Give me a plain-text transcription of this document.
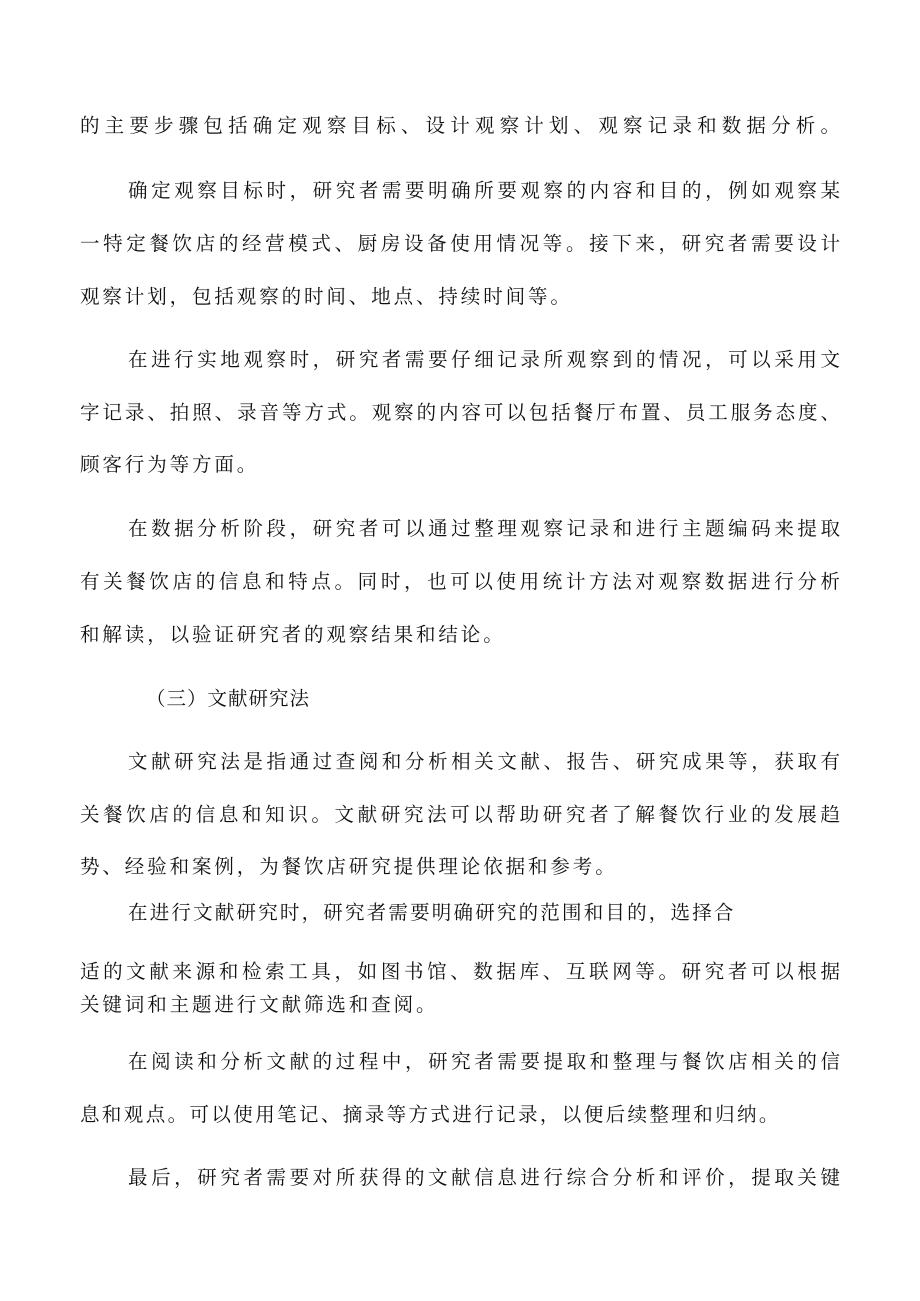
的主要步骤包括确定观察目标、设计观察计划、观察记录和数据分析。
确定观察目标时，研究者需要明确所要观察的内容和目的，例如观察某
一特定餐饮店的经营模式、厨房设备使用情况等。接下来，研究者需要设计
观察计划，包括观察的时间、地点、持续时间等。
在进行实地观察时，研究者需要仔细记录所观察到的情况，可以采用文
字记录、拍照、录音等方式。观察的内容可以包括餐厅布置、员工服务态度、
顾客行为等方面。
在数据分析阶段，研究者可以通过整理观察记录和进行主题编码来提取
有关餐饮店的信息和特点。同时，也可以使用统计方法对观察数据进行分析
和解读，以验证研究者的观察结果和结论。
（三）文献研究法
文献研究法是指通过查阅和分析相关文献、报告、研究成果等，获取有
关餐饮店的信息和知识。文献研究法可以帮助研究者了解餐饮行业的发展趋
势、经验和案例，为餐饮店研究提供理论依据和参考。
在进行文献研究时，研究者需要明确研究的范围和目的，选择合
适的文献来源和检索工具，如图书馆、数据库、互联网等。研究者可以根据
关键词和主题进行文献筛选和查阅。
在阅读和分析文献的过程中，研究者需要提取和整理与餐饮店相关的信
息和观点。可以使用笔记、摘录等方式进行记录，以便后续整理和归纳。
最后，研究者需要对所获得的文献信息进行综合分析和评价，提取关键
